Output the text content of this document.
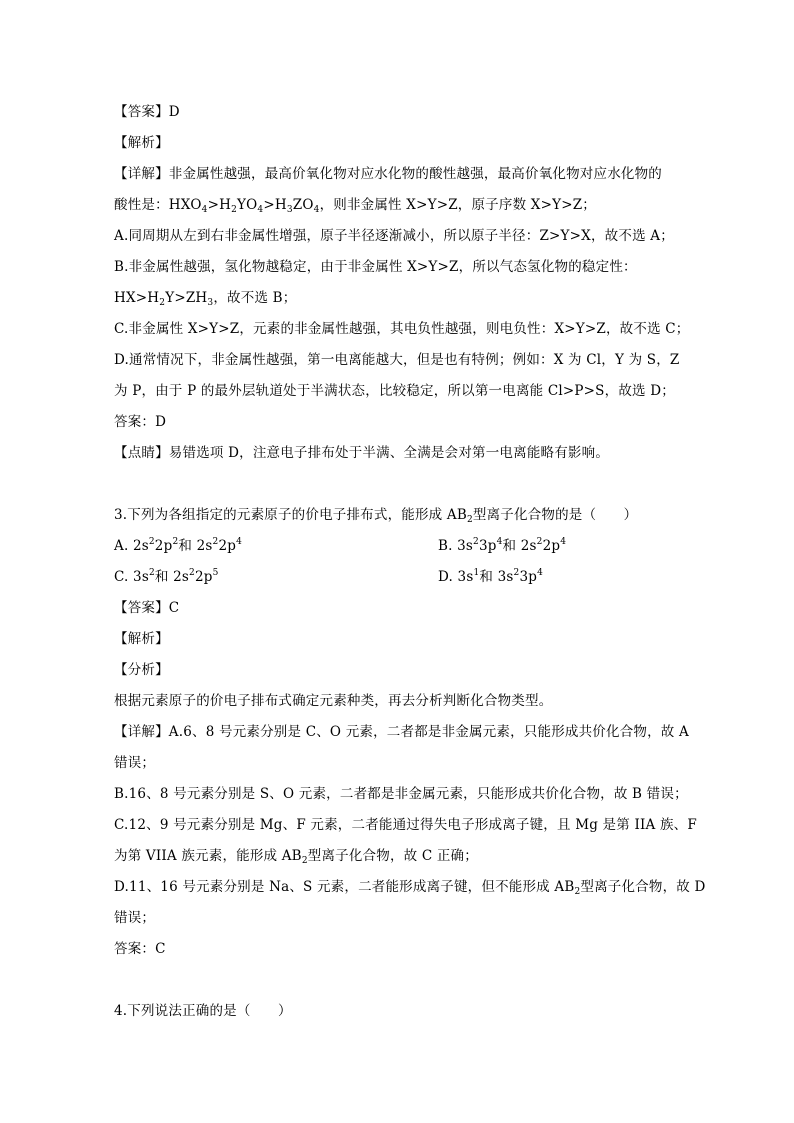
【答案】D
【解析】
【详解】非金属性越强，最高价氧化物对应水化物的酸性越强，最高价氧化物对应水化物的
酸性是：$HXO_4>H_2YO_4>H_3ZO_4$，则非金属性 X>Y>Z，原子序数 X>Y>Z；
A.同周期从左到右非金属性增强，原子半径逐渐减小，所以原子半径：Z>Y>X，故不选 A；
B.非金属性越强，氢化物越稳定，由于非金属性 X>Y>Z，所以气态氢化物的稳定性：
$HX>H_2Y>ZH_3$，故不选 B；
C.非金属性 X>Y>Z，元素的非金属性越强，其电负性越强，则电负性：X>Y>Z，故不选 C；
D.通常情况下，非金属性越强，第一电离能越大，但是也有特例；例如：X 为 Cl，Y 为 S，Z
为 P，由于 P 的最外层轨道处于半满状态，比较稳定，所以第一电离能 Cl>P>S，故选 D；
答案：D
【点睛】易错选项 D，注意电子排布处于半满、全满是会对第一电离能略有影响。
3.下列为各组指定的元素原子的价电子排布式，能形成 $AB_2$型离子化合物的是（　　）
A. $2s^22p^2$和 $2s^22p^4$	B. $3s^23p^4$和 $2s^22p^4$
C. $3s^2$和 $2s^22p^5$	D. $3s^1$和 $3s^23p^4$
【答案】C
【解析】
【分析】
根据元素原子的价电子排布式确定元素种类，再去分析判断化合物类型。
【详解】A.6、8 号元素分别是 C、O 元素，二者都是非金属元素，只能形成共价化合物，故 A
错误；
B.16、8 号元素分别是 S、O 元素，二者都是非金属元素，只能形成共价化合物，故 B 错误；
C.12、9 号元素分别是 Mg、F 元素，二者能通过得失电子形成离子键，且 Mg 是第 IIA 族、F
为第 VIIA 族元素，能形成 $AB_2$型离子化合物，故 C 正确；
D.11、16 号元素分别是 Na、S 元素，二者能形成离子键，但不能形成 $AB_2$型离子化合物，故 D
错误；
答案：C
4.下列说法正确的是（　　）
